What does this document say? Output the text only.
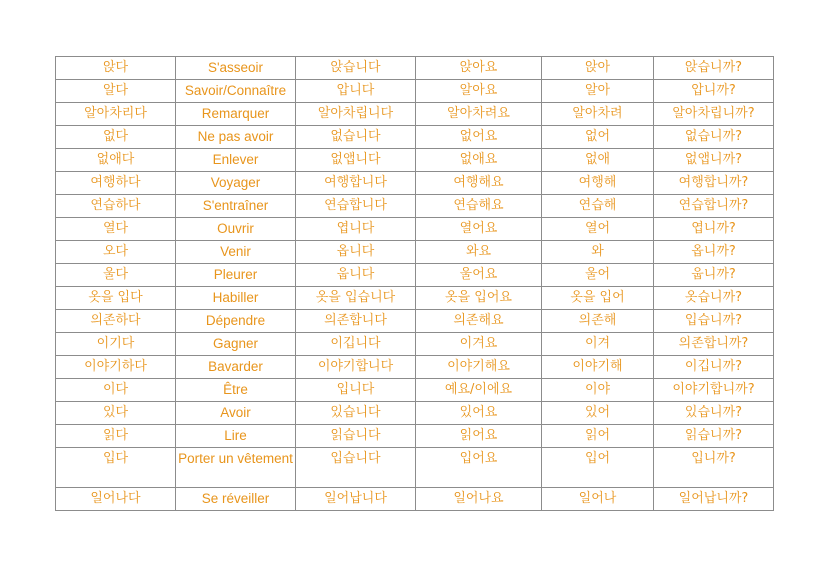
앉다	S'asseoir	앉습니다	앉아요	앉아	앉습니까?
알다	Savoir/Connaître	압니다	알아요	알아	압니까?
알아차리다	Remarquer	알아차립니다	알아차려요	알아차려	알아차립니까?
없다	Ne pas avoir	없습니다	없어요	없어	없습니까?
없애다	Enlever	없앱니다	없애요	없애	없앱니까?
여행하다	Voyager	여행합니다	여행해요	여행해	여행합니까?
연습하다	S'entraîner	연습합니다	연습해요	연습해	연습합니까?
열다	Ouvrir	엽니다	열어요	열어	엽니까?
오다	Venir	옵니다	와요	와	옵니까?
울다	Pleurer	웁니다	울어요	울어	웁니까?
옷을 입다	Habiller	옷을 입습니다	옷을 입어요	옷을 입어	옷습니까?
의존하다	Dépendre	의존합니다	의존해요	의존해	입습니까?
이기다	Gagner	이깁니다	이겨요	이겨	의존합니까?
이야기하다	Bavarder	이야기합니다	이야기해요	이야기해	이깁니까?
이다	Être	입니다	예요/이에요	이야	이야기합니까?
있다	Avoir	있습니다	있어요	있어	있습니까?
읽다	Lire	읽습니다	읽어요	읽어	읽습니까?
입다	Porter un vêtement	입습니다	입어요	입어	입니까?
일어나다	Se réveiller	일어납니다	일어나요	일어나	일어납니까?
